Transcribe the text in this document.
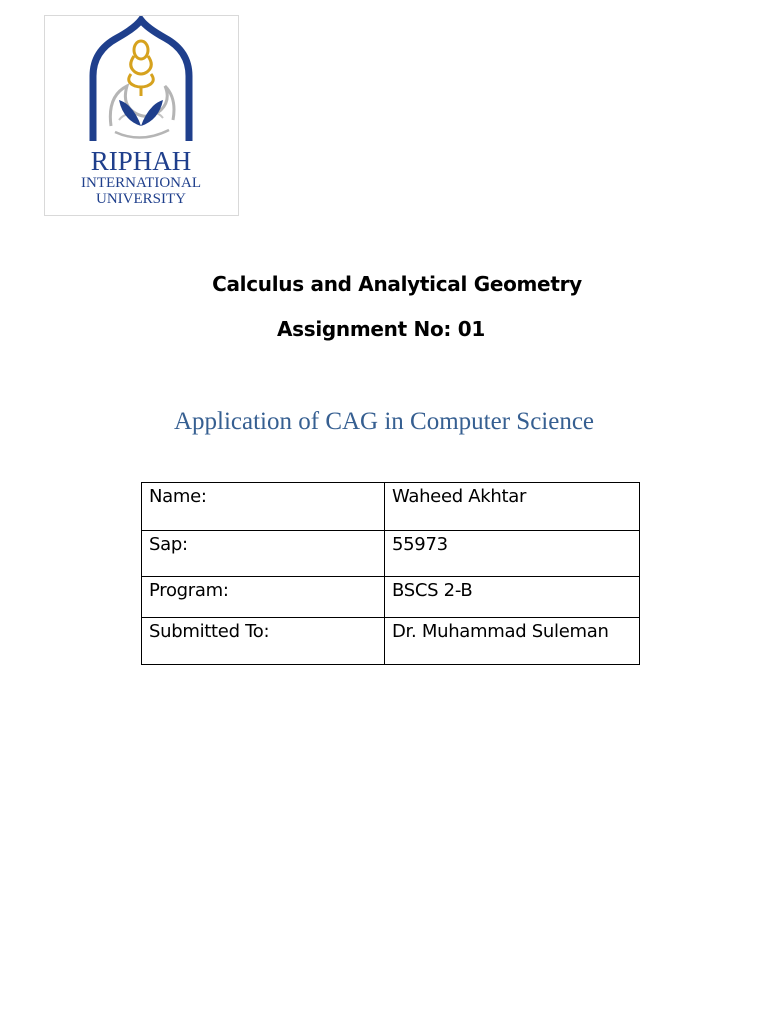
RIPHAH
INTERNATIONAL
UNIVERSITY
Calculus and Analytical Geometry
Assignment No: 01
Application of CAG in Computer Science
Name:	Waheed Akhtar
Sap:	55973
Program:	BSCS 2-B
Submitted To:	Dr. Muhammad Suleman
